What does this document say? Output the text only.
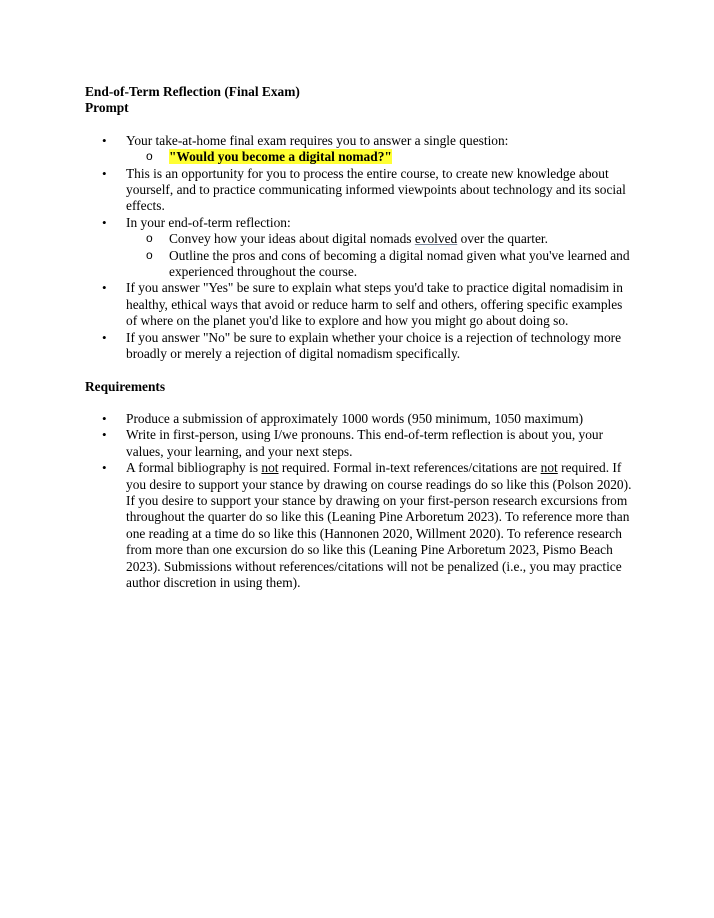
End-of-Term Reflection (Final Exam)

Prompt

• Your take-at-home final exam requires you to answer a single question:
o "Would you become a digital nomad?"
• This is an opportunity for you to process the entire course, to create new knowledge about yourself, and to practice communicating informed viewpoints about technology and its social effects.
• In your end-of-term reflection:
o Convey how your ideas about digital nomads evolved over the quarter.
o Outline the pros and cons of becoming a digital nomad given what you've learned and experienced throughout the course.
• If you answer "Yes" be sure to explain what steps you'd take to practice digital nomadisim in healthy, ethical ways that avoid or reduce harm to self and others, offering specific examples of where on the planet you'd like to explore and how you might go about doing so.
• If you answer "No" be sure to explain whether your choice is a rejection of technology more broadly or merely a rejection of digital nomadism specifically.

Requirements

• Produce a submission of approximately 1000 words (950 minimum, 1050 maximum)
• Write in first-person, using I/we pronouns. This end-of-term reflection is about you, your values, your learning, and your next steps.
• A formal bibliography is not required. Formal in-text references/citations are not required. If you desire to support your stance by drawing on course readings do so like this (Polson 2020). If you desire to support your stance by drawing on your first-person research excursions from throughout the quarter do so like this (Leaning Pine Arboretum 2023). To reference more than one reading at a time do so like this (Hannonen 2020, Willment 2020). To reference research from more than one excursion do so like this (Leaning Pine Arboretum 2023, Pismo Beach 2023). Submissions without references/citations will not be penalized (i.e., you may practice author discretion in using them).
